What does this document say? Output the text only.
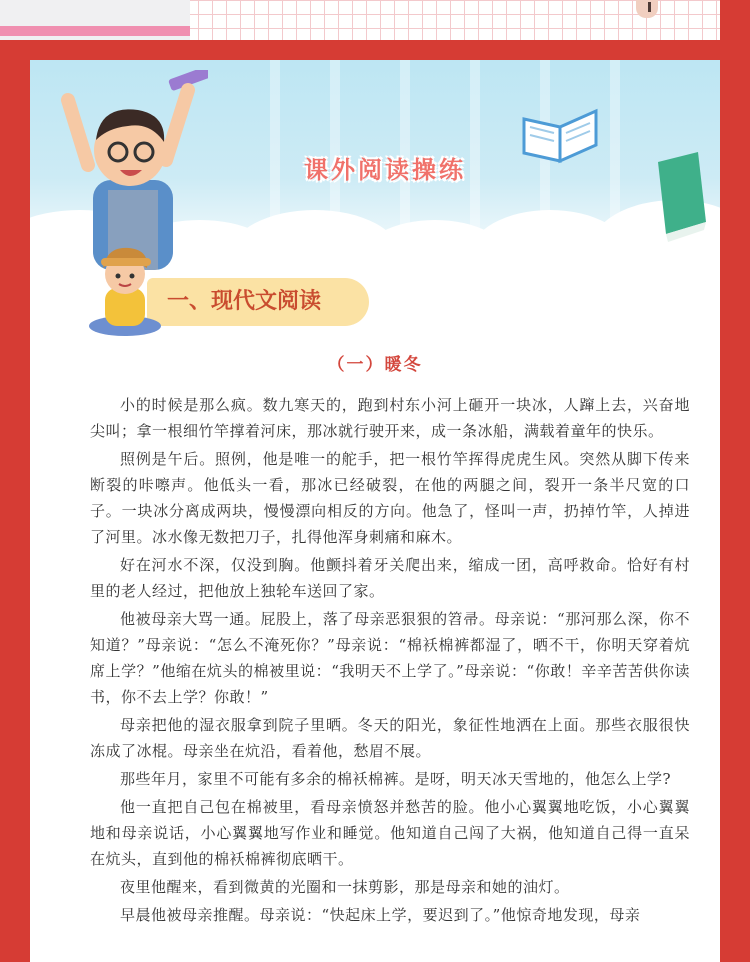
课外阅读操练
一、现代文阅读
（一）暖冬

小的时候是那么疯。数九寒天的，跑到村东小河上砸开一块冰，人蹿上去，兴奋地尖叫；拿一根细竹竿撑着河床，那冰就行驶开来，成一条冰船，满载着童年的快乐。

照例是午后。照例，他是唯一的舵手，把一根竹竿挥得虎虎生风。突然从脚下传来断裂的咔嚓声。他低头一看，那冰已经破裂，在他的两腿之间，裂开一条半尺宽的口子。一块冰分离成两块，慢慢漂向相反的方向。他急了，怪叫一声，扔掉竹竿，人掉进了河里。冰水像无数把刀子，扎得他浑身刺痛和麻木。

好在河水不深，仅没到胸。他颤抖着牙关爬出来，缩成一团，高呼救命。恰好有村里的老人经过，把他放上独轮车送回了家。

他被母亲大骂一通。屁股上，落了母亲恶狠狠的笤帚。母亲说：“那河那么深，你不知道？”母亲说：“怎么不淹死你？”母亲说：“棉袄棉裤都湿了，晒不干，你明天穿着炕席上学？”他缩在炕头的棉被里说：“我明天不上学了。”母亲说：“你敢！辛辛苦苦供你读书，你不去上学？你敢！”

母亲把他的湿衣服拿到院子里晒。冬天的阳光，象征性地洒在上面。那些衣服很快冻成了冰棍。母亲坐在炕沿，看着他，愁眉不展。

那些年月，家里不可能有多余的棉袄棉裤。是呀，明天冰天雪地的，他怎么上学?

他一直把自己包在棉被里，看母亲愤怒并愁苦的脸。他小心翼翼地吃饭，小心翼翼地和母亲说话，小心翼翼地写作业和睡觉。他知道自己闯了大祸，他知道自己得一直呆在炕头，直到他的棉袄棉裤彻底晒干。

夜里他醒来，看到微黄的光圈和一抹剪影，那是母亲和她的油灯。

早晨他被母亲推醒。母亲说：“快起床上学，要迟到了。”他惊奇地发现，母亲
